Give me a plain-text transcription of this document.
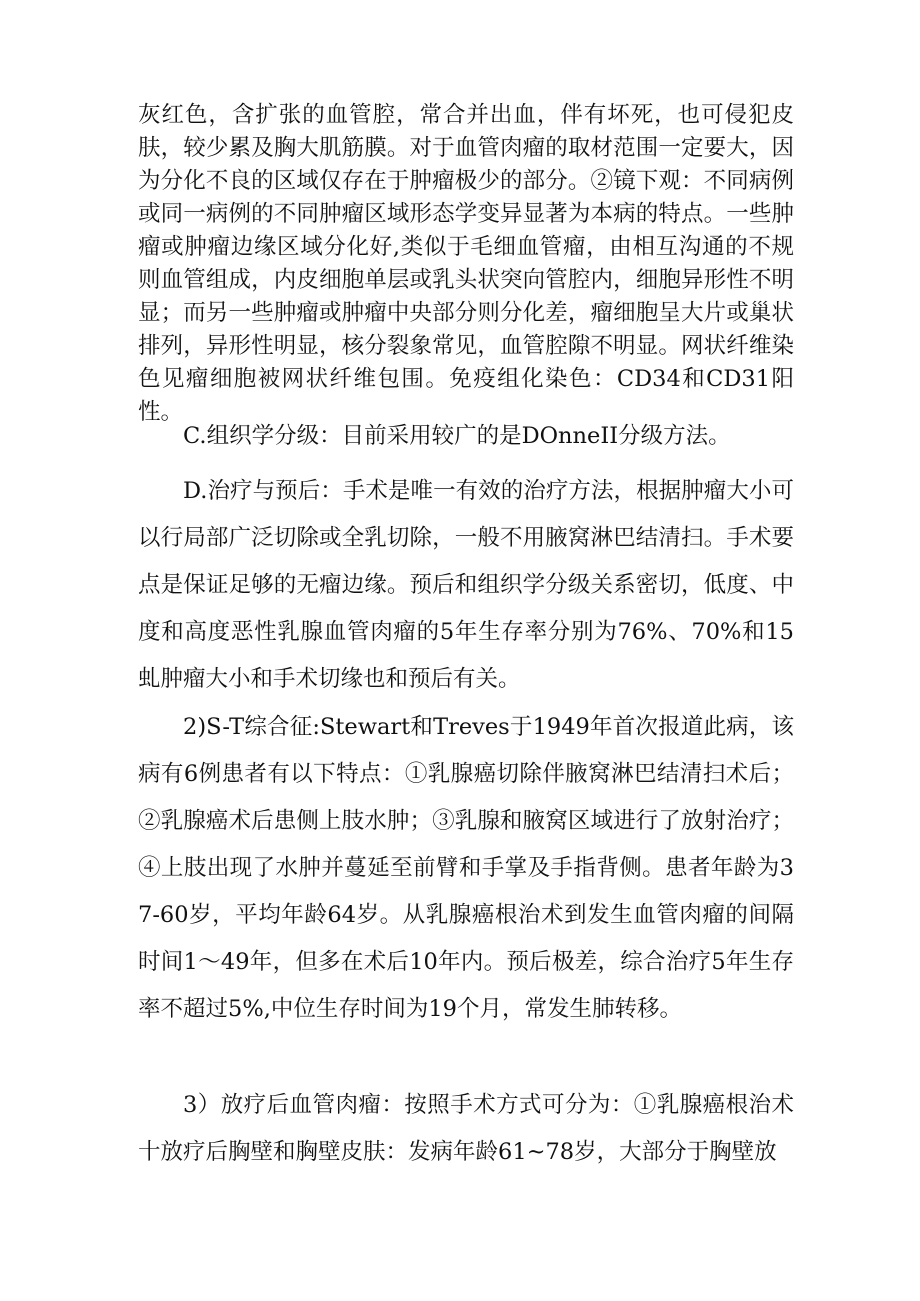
灰红色，含扩张的血管腔，常合并出血，伴有坏死，也可侵犯皮肤，较少累及胸大肌筋膜。对于血管肉瘤的取材范围一定要大，因为分化不良的区域仅存在于肿瘤极少的部分。②镜下观：不同病例或同一病例的不同肿瘤区域形态学变异显著为本病的特点。一些肿瘤或肿瘤边缘区域分化好,类似于毛细血管瘤，由相互沟通的不规则血管组成，内皮细胞单层或乳头状突向管腔内，细胞异形性不明显；而另一些肿瘤或肿瘤中央部分则分化差，瘤细胞呈大片或巢状排列，异形性明显，核分裂象常见，血管腔隙不明显。网状纤维染色见瘤细胞被网状纤维包围。免疫组化染色：CD34和CD31阳性。

C.组织学分级：目前采用较广的是DOnneII分级方法。

D.治疗与预后：手术是唯一有效的治疗方法，根据肿瘤大小可以行局部广泛切除或全乳切除，一般不用腋窝淋巴结清扫。手术要点是保证足够的无瘤边缘。预后和组织学分级关系密切，低度、中度和高度恶性乳腺血管肉瘤的5年生存率分别为76%、70%和15虬肿瘤大小和手术切缘也和预后有关。

2)S-T综合征:Stewart和Treves于1949年首次报道此病，该病有6例患者有以下特点：①乳腺癌切除伴腋窝淋巴结清扫术后；②乳腺癌术后患侧上肢水肿；③乳腺和腋窝区域进行了放射治疗；④上肢出现了水肿并蔓延至前臂和手掌及手指背侧。患者年龄为37-60岁，平均年龄64岁。从乳腺癌根治术到发生血管肉瘤的间隔时间1～49年，但多在术后10年内。预后极差，综合治疗5年生存率不超过5%,中位生存时间为19个月，常发生肺转移。

3）放疗后血管肉瘤：按照手术方式可分为：①乳腺癌根治术十放疗后胸壁和胸壁皮肤：发病年龄61~78岁，大部分于胸壁放
